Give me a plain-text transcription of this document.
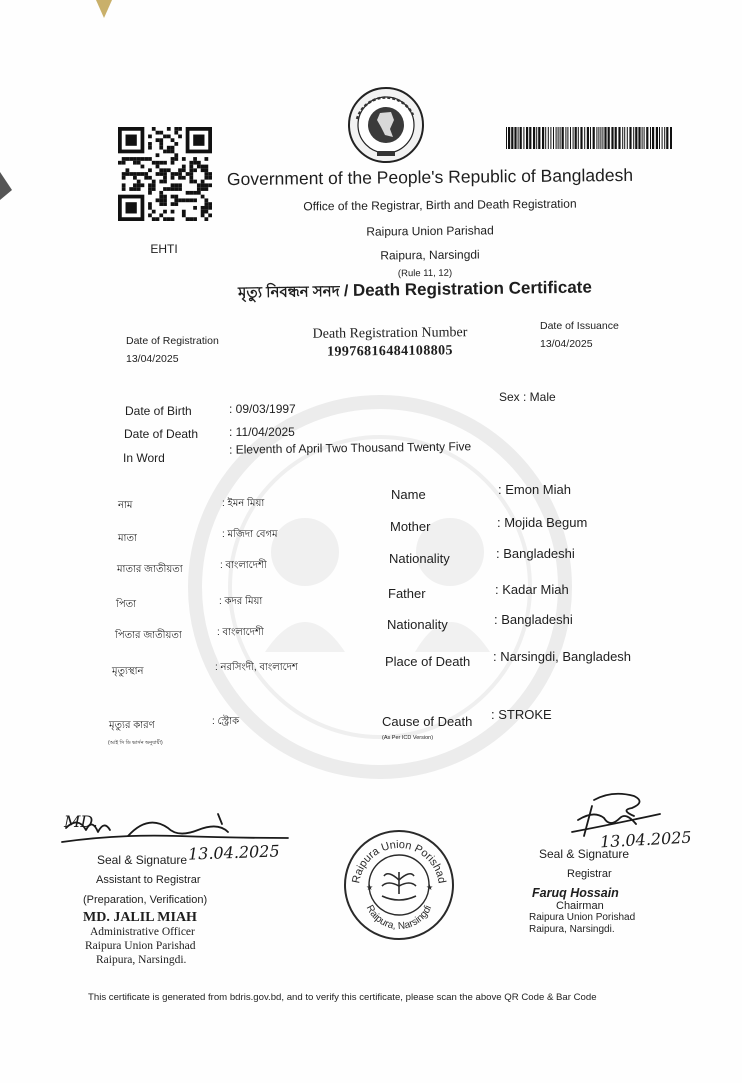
EHTI
Government of the People's Republic of Bangladesh
Office of the Registrar, Birth and Death Registration
Raipura Union Parishad
Raipura, Narsingdi
(Rule 11, 12)
মৃত্যু নিবন্ধন সনদ / Death Registration Certificate
Date of Registration
13/04/2025
Death Registration Number
19976816484108805
Date of Issuance
13/04/2025
Date of Birth	: 09/03/1997
Date of Death	: 11/04/2025
In Word
: Eleventh of April Two Thousand Twenty Five
Sex : Male
নাম	: ইমন মিয়া
মাতা	: মজিদা বেগম
মাতার জাতীয়তা	: বাংলাদেশী
পিতা	: কদর মিয়া
পিতার জাতীয়তা	: বাংলাদেশী
মৃত্যুস্থান	: নরসিংদী, বাংলাদেশ
মৃত্যুর কারণ	: স্ট্রোক
(আই সি ডি ভার্সন অনুযায়ী)
Name	: Emon Miah
Mother	: Mojida Begum
Nationality	: Bangladeshi
Father	: Kadar Miah
Nationality	: Bangladeshi
Place of Death : Narsingdi, Bangladesh
Cause of Death : STROKE
(As Per ICD Version)
MD.
13.04.2025
Seal & Signature
Assistant to Registrar
(Preparation, Verification)
MD. JALIL MIAH
Administrative Officer
Raipura Union Parishad
Raipura, Narsingdi.
Raipura Union Porishad
Raipura, Narsingdi
★	★
13.04.2025
Seal & Signature
Registrar
Faruq Hossain
Chairman
Raipura Union Porishad
Raipura, Narsingdi.
This certificate is generated from bdris.gov.bd, and to verify this certificate, please scan the above QR Code & Bar Code
